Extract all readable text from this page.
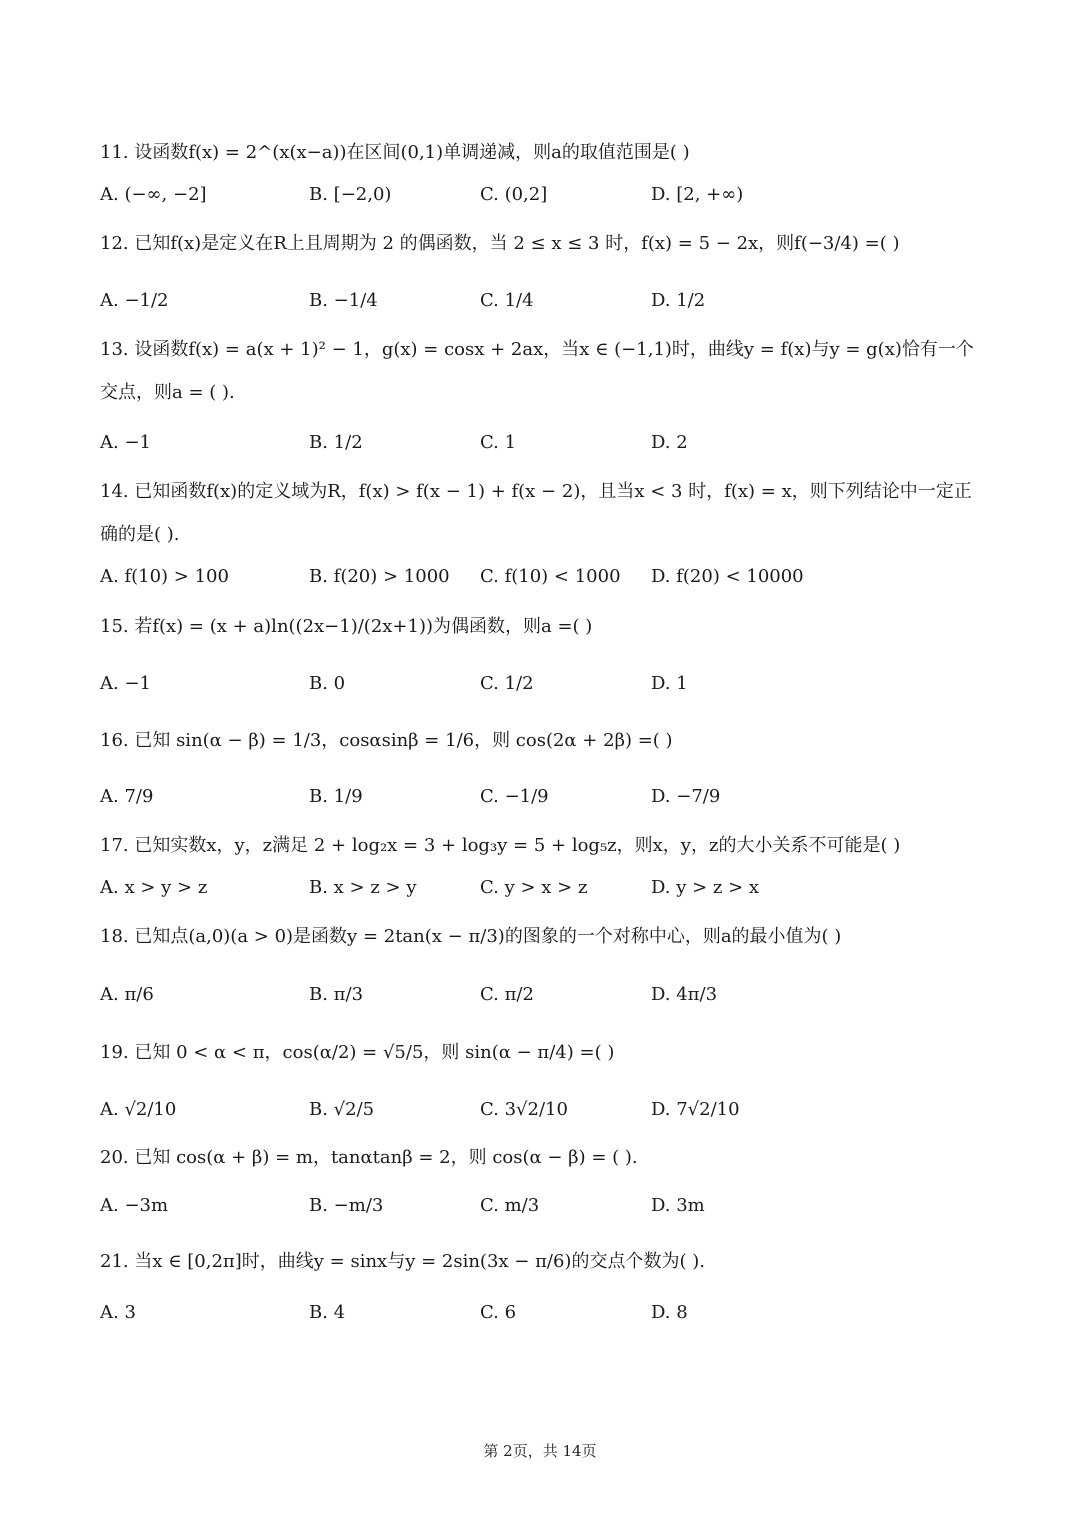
11. 设函数f(x) = 2^(x(x−a))在区间(0,1)单调递减，则a的取值范围是( )
A. (−∞, −2]	B. [−2,0)	C. (0,2]	D. [2, +∞)
12. 已知f(x)是定义在R上且周期为 2 的偶函数，当 2 ≤ x ≤ 3 时，f(x) = 5 − 2x，则f(−3/4) =( )
A. −1/2	B. −1/4	C. 1/4	D. 1/2
13. 设函数f(x) = a(x + 1)² − 1，g(x) = cosx + 2ax，当x ∈ (−1,1)时，曲线y = f(x)与y = g(x)恰有一个交点，则a = ( ).
A. −1	B. 1/2	C. 1	D. 2
14. 已知函数f(x)的定义域为R，f(x) > f(x − 1) + f(x − 2)，且当x < 3 时，f(x) = x，则下列结论中一定正确的是( ).
A. f(10) > 100	B. f(20) > 1000 C. f(10) < 1000 D. f(20) < 10000
15. 若f(x) = (x + a)ln((2x−1)/(2x+1))为偶函数，则a =( )
A. −1	B. 0	C. 1/2	D. 1
16. 已知 sin(α − β) = 1/3，cosαsinβ = 1/6，则 cos(2α + 2β) =( )
A. 7/9	B. 1/9	C. −1/9	D. −7/9
17. 已知实数x，y，z满足 2 + log₂x = 3 + log₃y = 5 + log₅z，则x，y，z的大小关系不可能是( )
A. x > y > z	B. x > z > y	C. y > x > z	D. y > z > x
18. 已知点(a,0)(a > 0)是函数y = 2tan(x − π/3)的图象的一个对称中心，则a的最小值为( )
A. π/6	B. π/3	C. π/2	D. 4π/3
19. 已知 0 < α < π，cos(α/2) = √5/5，则 sin(α − π/4) =( )
A. √2/10	B. √2/5	C. 3√2/10	D. 7√2/10
20. 已知 cos(α + β) = m，tanαtanβ = 2，则 cos(α − β) = ( ).
A. −3m	B. −m/3	C. m/3	D. 3m
21. 当x ∈ [0,2π]时，曲线y = sinx与y = 2sin(3x − π/6)的交点个数为( ).
A. 3	B. 4	C. 6	D. 8
第 2页，共 14页
